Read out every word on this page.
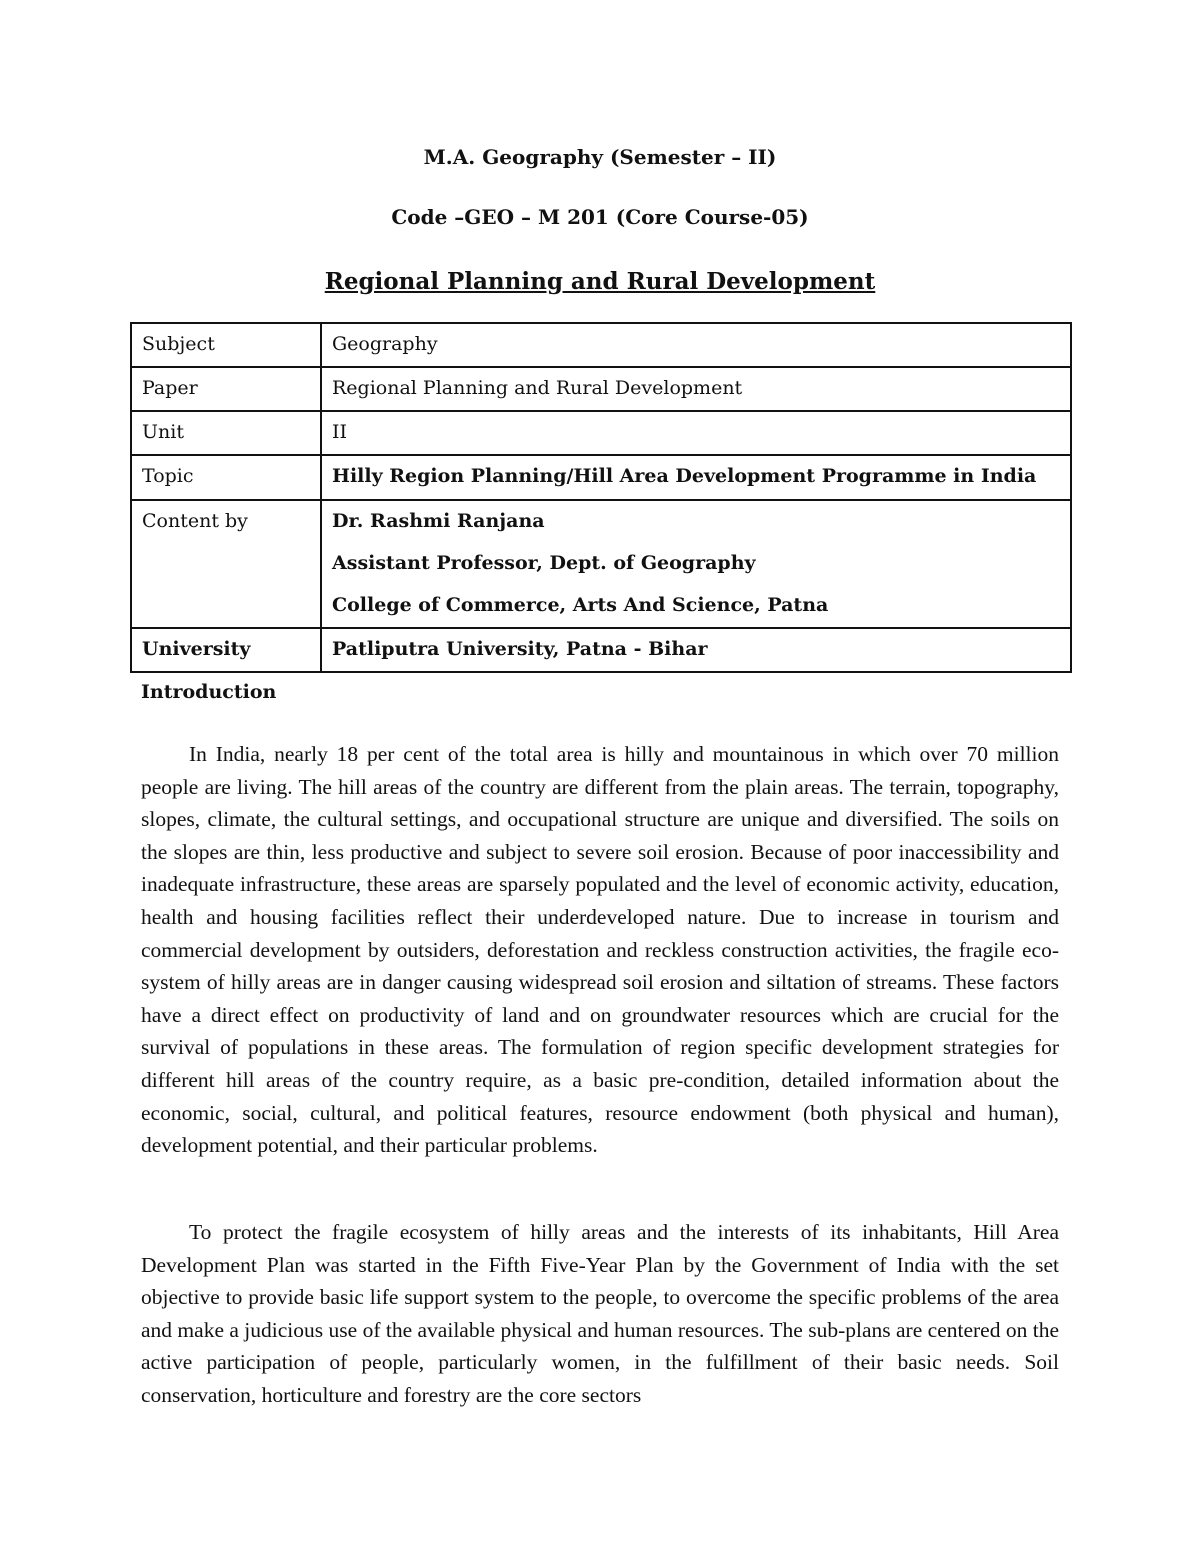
M.A. Geography (Semester – II)

Code –GEO – M 201 (Core Course-05)

Regional Planning and Rural Development

Subject	Geography
Paper	Regional Planning and Rural Development
Unit	II
Topic	Hilly Region Planning/Hill Area Development Programme in India
Content by	Dr. Rashmi Ranjana
Assistant Professor, Dept. of Geography
College of Commerce, Arts And Science, Patna

University	Patliputra University, Patna - Bihar

Introduction

In India, nearly 18 per cent of the total area is hilly and mountainous in which over 70 million people are living. The hill areas of the country are different from the plain areas. The terrain, topography, slopes, climate, the cultural settings, and occupational structure are unique and diversified. The soils on the slopes are thin, less productive and subject to severe soil erosion. Because of poor inaccessibility and inadequate infrastructure, these areas are sparsely populated and the level of economic activity, education, health and housing facilities reflect their underdeveloped nature. Due to increase in tourism and commercial development by outsiders, deforestation and reckless construction activities, the fragile eco-system of hilly areas are in danger causing widespread soil erosion and siltation of streams. These factors have a direct effect on productivity of land and on groundwater resources which are crucial for the survival of populations in these areas. The formulation of region specific development strategies for different hill areas of the country require, as a basic pre-condition, detailed information about the economic, social, cultural, and political features, resource endowment (both physical and human), development potential, and their particular problems.

To protect the fragile ecosystem of hilly areas and the interests of its inhabitants, Hill Area Development Plan was started in the Fifth Five-Year Plan by the Government of India with the set objective to provide basic life support system to the people, to overcome the specific problems of the area and make a judicious use of the available physical and human resources. The sub-plans are centered on the active participation of people, particularly women, in the fulfillment of their basic needs. Soil conservation, horticulture and forestry are the core sectors
